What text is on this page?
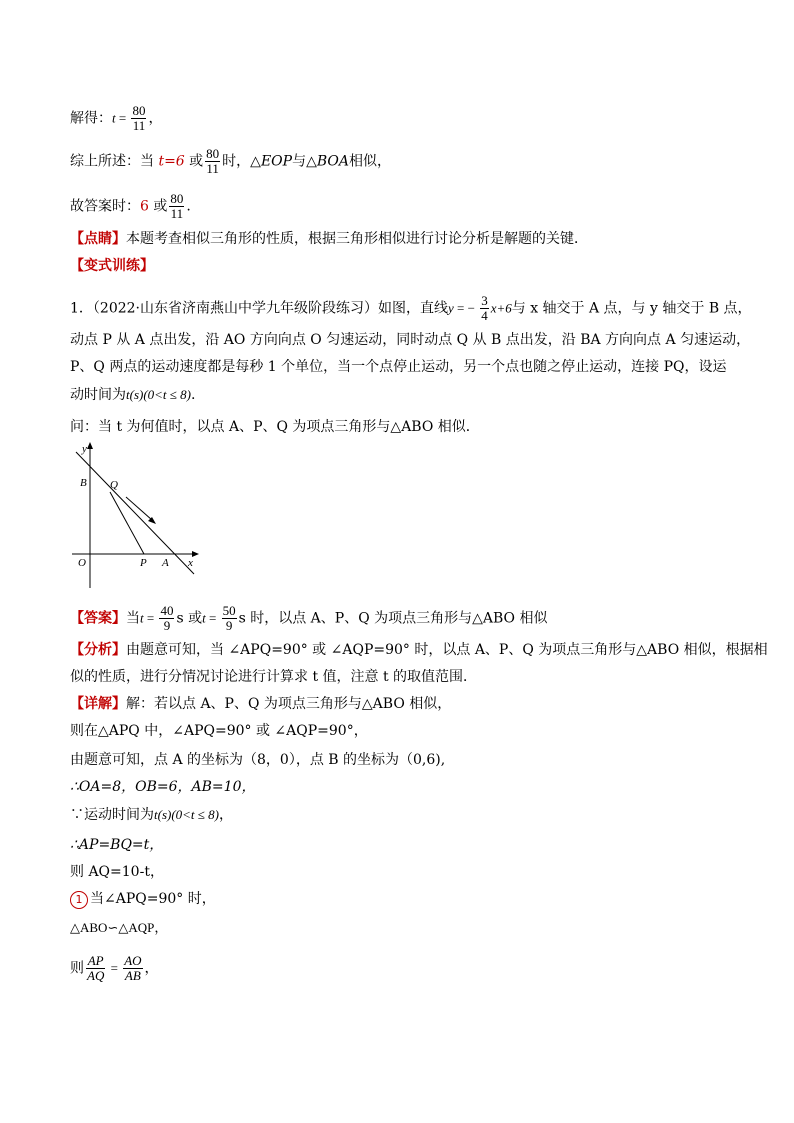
解得：$t = \frac{80}{11}$ ，
综上所述：当 t=6 或 $\frac{80}{11}$ 时，△EOP与△BOA相似，
故答案时：6 或 $\frac{80}{11}$ .
【点睛】本题考查相似三角形的性质，根据三角形相似进行讨论分析是解题的关键．
【变式训练】
1．（2022·山东省济南燕山中学九年级阶段练习）如图，直线y = − $\frac{3}{4} x+6$与 x 轴交于 A 点，与 y 轴交于 B 点，
动点 P 从 A 点出发，沿 AO 方向向点 O 匀速运动，同时动点 Q 从 B 点出发，沿 BA 方向向点 A 匀速运动，
P、Q 两点的运动速度都是每秒 1 个单位，当一个点停止运动，另一个点也随之停止运动，连接 PQ，设运
动时间为t(s)(0<t ≤ 8).
问：当 t 为何值时，以点 A、P、Q 为项点三角形与△ABO 相似．
y
B Q
O	P A x
【答案】当$t = \frac{40}{9}$ s 或$t = \frac{50}{9}$ s 时，以点 A、P、Q 为项点三角形与△ABO 相似
【分析】由题意可知，当 ∠APQ=90° 或 ∠AQP=90° 时，以点 A、P、Q 为项点三角形与△ABO 相似，根据相
似的性质，进行分情况讨论进行计算求 t 值，注意 t 的取值范围．
【详解】解：若以点 A、P、Q 为项点三角形与△ABO 相似，
则在△APQ 中，∠APQ=90° 或 ∠AQP=90°，
由题意可知，点 A 的坐标为（8，0），点 B 的坐标为（0,6),
∴OA=8，OB=6，AB=10，
∵运动时间为t(s)(0<t ≤ 8)，
∴AP=BQ=t，
则 AQ=10-t，
1 当∠APQ=90° 时，
△ABO∽△AQP，
则 $\frac{AP}{AQ} = \frac{AO}{AB}$ ，
